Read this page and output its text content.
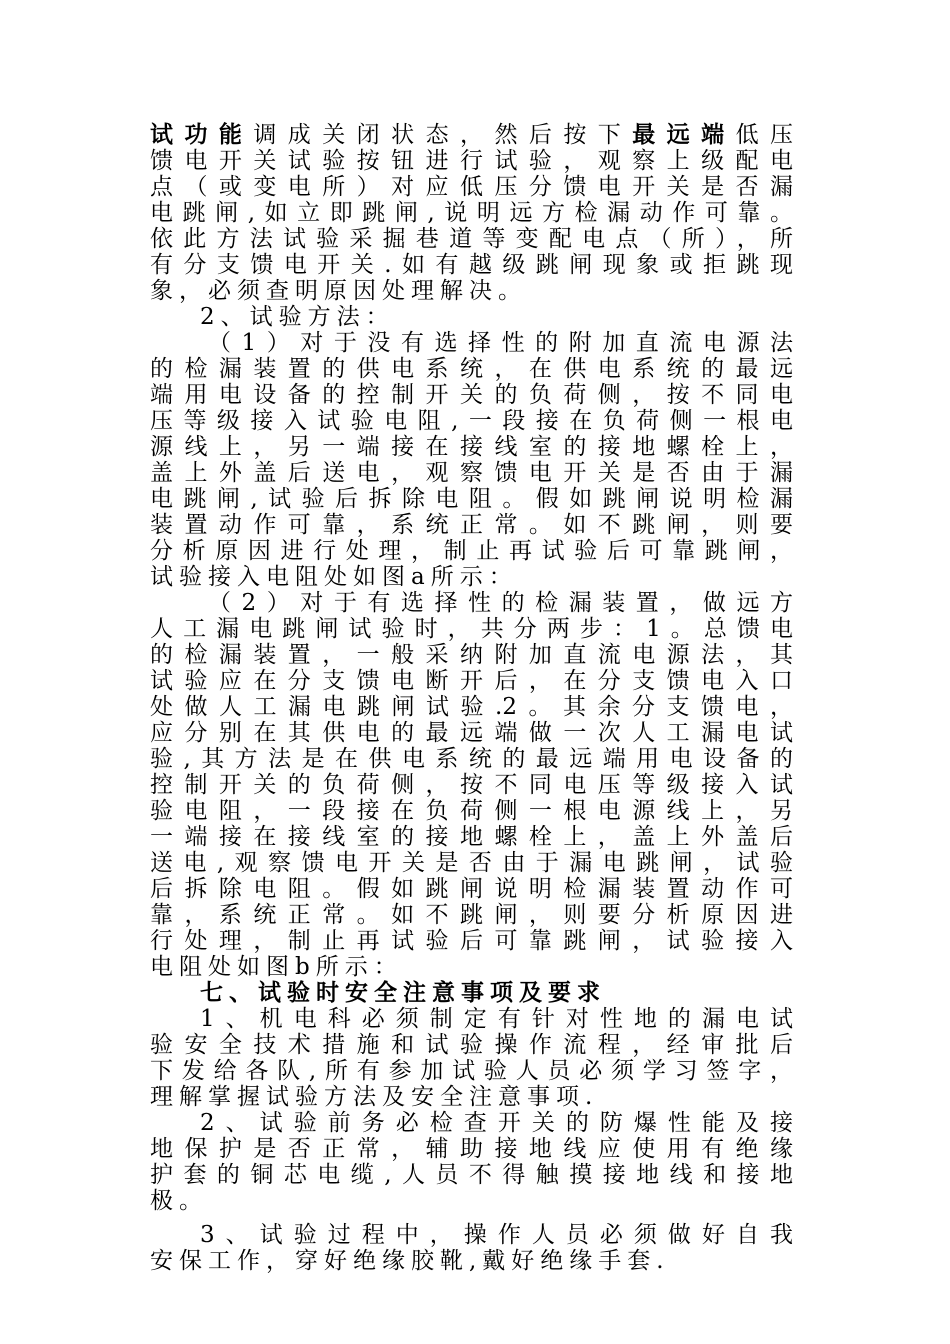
试功能调成关闭状态，然后按下最远端低压
馈电开关试验按钮进行试验，观察上级配电
点（或变电所）对应低压分馈电开关是否漏
电跳闸,如立即跳闸,说明远方检漏动作可靠。
依此方法试验采掘巷道等变配电点（所），所
有分支馈电开关.如有越级跳闸现象或拒跳现
象，必须查明原因处理解决。
2、试验方法：
（1）对于没有选择性的附加直流电源法
的检漏装置的供电系统，在供电系统的最远
端用电设备的控制开关的负荷侧，按不同电
压等级接入试验电阻,一段接在负荷侧一根电
源线上，另一端接在接线室的接地螺栓上，
盖上外盖后送电，观察馈电开关是否由于漏
电跳闸,试验后拆除电阻。假如跳闸说明检漏
装置动作可靠，系统正常。如不跳闸，则要
分析原因进行处理，制止再试验后可靠跳闸，
试验接入电阻处如图a所示：
（2）对于有选择性的检漏装置，做远方
人工漏电跳闸试验时，共分两步：1。总馈电
的检漏装置，一般采纳附加直流电源法，其
试验应在分支馈电断开后，在分支馈电入口
处做人工漏电跳闸试验.2。其余分支馈电，
应分别在其供电的最远端做一次人工漏电试
验,其方法是在供电系统的最远端用电设备的
控制开关的负荷侧，按不同电压等级接入试
验电阻，一段接在负荷侧一根电源线上，另
一端接在接线室的接地螺栓上，盖上外盖后
送电,观察馈电开关是否由于漏电跳闸，试验
后拆除电阻。假如跳闸说明检漏装置动作可
靠，系统正常。如不跳闸，则要分析原因进
行处理，制止再试验后可靠跳闸，试验接入
电阻处如图b所示：
七、试验时安全注意事项及要求
1、机电科必须制定有针对性地的漏电试
验安全技术措施和试验操作流程，经审批后
下发给各队,所有参加试验人员必须学习签字，
理解掌握试验方法及安全注意事项.
2、试验前务必检查开关的防爆性能及接
地保护是否正常，辅助接地线应使用有绝缘
护套的铜芯电缆,人员不得触摸接地线和接地
极。
3、试验过程中，操作人员必须做好自我
安保工作，穿好绝缘胶靴,戴好绝缘手套.
